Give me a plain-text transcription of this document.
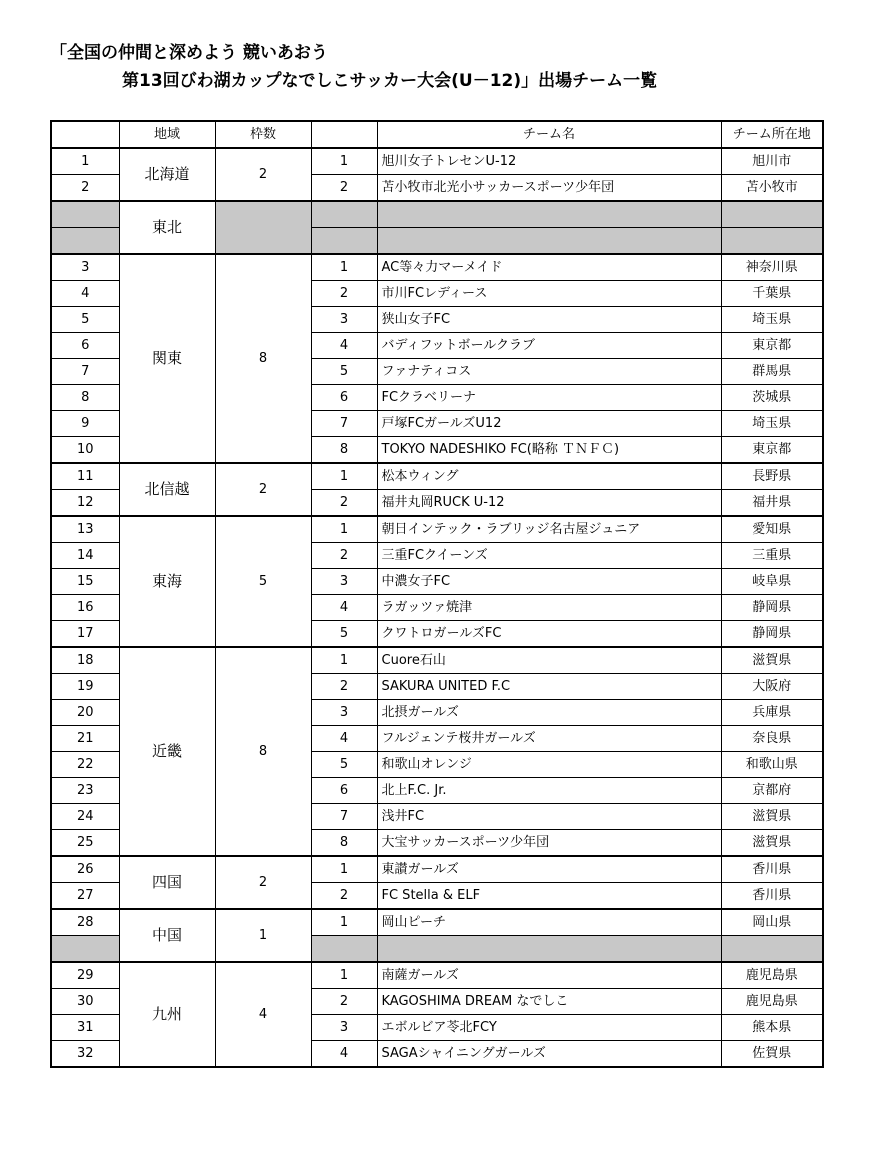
「全国の仲間と深めよう 競いあおう
第13回びわ湖カップなでしこサッカー大会(U－12)」出場チーム一覧
	地域	枠数		チーム名	チーム所在地
1	北海道	2	1	旭川女子トレセンU-12	旭川市
2			2	苫小牧市北光小サッカースポーツ少年団	苫小牧市
	東北				

3	関東	8	1	AC等々力マーメイド	神奈川県
4			2	市川FCレディース	千葉県
5			3	狭山女子FC	埼玉県
6			4	バディフットボールクラブ	東京都
7			5	ファナティコス	群馬県
8			6	FCクラベリーナ	茨城県
9			7	戸塚FCガールズU12	埼玉県
10			8	TOKYO NADESHIKO FC(略称 ＴＮＦＣ)	東京都
11	北信越	2	1	松本ウィング	長野県
12			2	福井丸岡RUCK U-12	福井県
13	東海	5	1	朝日インテック・ラブリッジ名古屋ジュニア	愛知県
14			2	三重FCクイーンズ	三重県
15			3	中濃女子FC	岐阜県
16			4	ラガッツァ焼津	静岡県
17			5	クワトロガールズFC	静岡県
18	近畿	8	1	Cuore石山	滋賀県
19			2	SAKURA UNITED F.C	大阪府
20			3	北摂ガールズ	兵庫県
21			4	フルジェンテ桜井ガールズ	奈良県
22			5	和歌山オレンジ	和歌山県
23			6	北上F.C. Jr.	京都府
24			7	浅井FC	滋賀県
25			8	大宝サッカースポーツ少年団	滋賀県
26	四国	2	1	東讃ガールズ	香川県
27			2	FC Stella & ELF	香川県
28	中国	1	1	岡山ピーチ	岡山県

29	九州	4	1	南薩ガールズ	鹿児島県
30			2	KAGOSHIMA DREAM なでしこ	鹿児島県
31			3	エボルビア苓北FCY	熊本県
32			4	SAGAシャイニングガールズ	佐賀県
